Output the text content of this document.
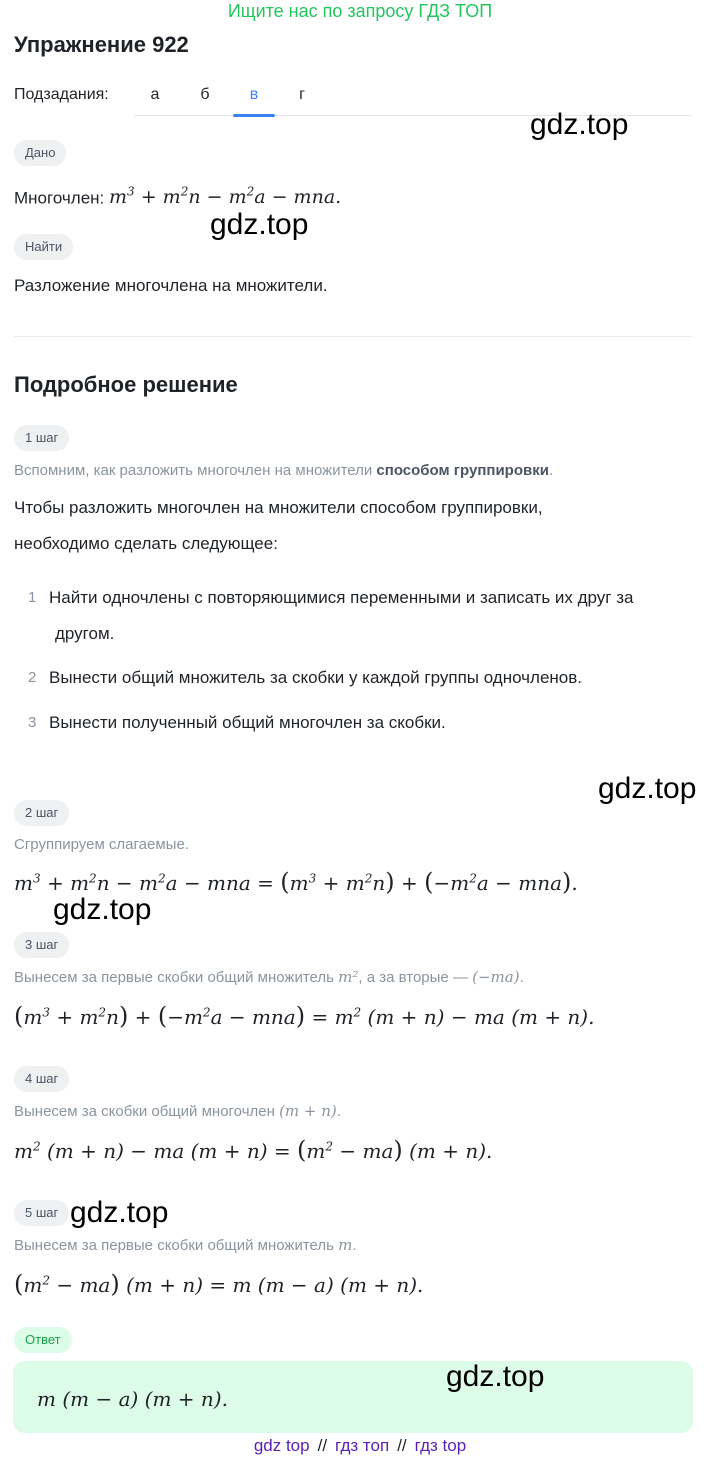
Ищите нас по запросу ГДЗ ТОП
Упражнение 922
Подзадания:	а	б	в	г
Дано
Многочлен: $m^3 + m^2n - m^2a$ − mna.
Найти
Разложение многочлена на множители.
Подробное решение
1 шаг
Вспомним, как разложить многочлен на множители способом группировки.
Чтобы разложить многочлен на множители способом группировки,
необходимо сделать следующее:
1 Найти одночлены с повторяющимися переменными и записать их друг за
другом.
2 Вынести общий множитель за скобки у каждой группы одночленов.
3 Вынести полученный общий многочлен за скобки.
2 шаг
Сгруппируем слагаемые.
$m^3 + m^2n - m^2a$ − mna = $(m^3 + m^2n) + (-m^2a - mna)$.
3 шаг
Вынесем за первые скобки общий множитель m², а за вторые — (−ma).
$(m^3 + m^2n) + (-m^2a - mna) = m^2$ (m + n) − ma (m + n).
4 шаг
Вынесем за скобки общий многочлен (m + n).
$m^2$ (m + n) − ma $(m + n) = (m^2 - ma) (m + n)$.
5 шаг
Вынесем за первые скобки общий множитель m.
$(m^2 - ma) (m + n) = m$ (m − a) (m + n).
Ответ
m (m − a) (m + n).
gdz.top
gdz.top
gdz.top
gdz.top
gdz.top
gdz.top
gdz top // гдз топ // гдз top
